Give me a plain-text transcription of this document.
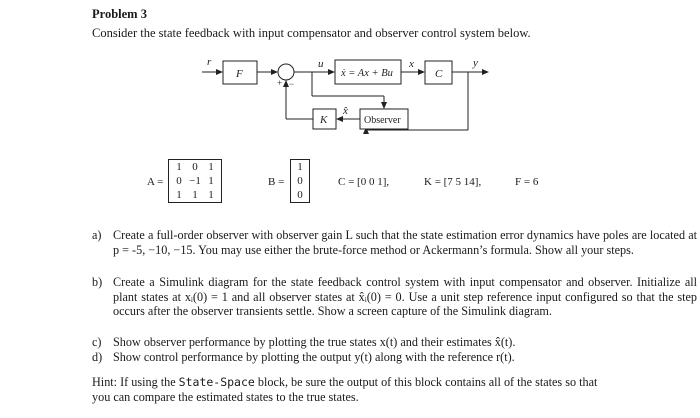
Problem 3
Consider the state feedback with input compensator and observer control system below.
r
F
+ −
u
ẋ = Ax + Bu
x
C
y
K
x̂
Observer
A =
1 0 1
0 −1 1
1 1 1
B =
1
0
0
C = [0 0 1],	K = [7 5 14],	F = 6
a) Create a full-order observer with observer gain L such that the state estimation error dynamics have poles are located at p = -5, −10, −15. You may use either the brute-force method or Ackermann’s formula. Show all your steps.
b) Create a Simulink diagram for the state feedback control system with input compensator and observer. Initialize all plant states at xᵢ(0) = 1 and all observer states at x̂ᵢ(0) = 0. Use a unit step reference input configured so that the step occurs after the observer transients settle. Show a screen capture of the Simulink diagram.
c) Show observer performance by plotting the true states x(t) and their estimates x̂(t).
d) Show control performance by plotting the output y(t) along with the reference r(t).
Hint: If using the State-Space block, be sure the output of this block contains all of the states so that you can compare the estimated states to the true states.
